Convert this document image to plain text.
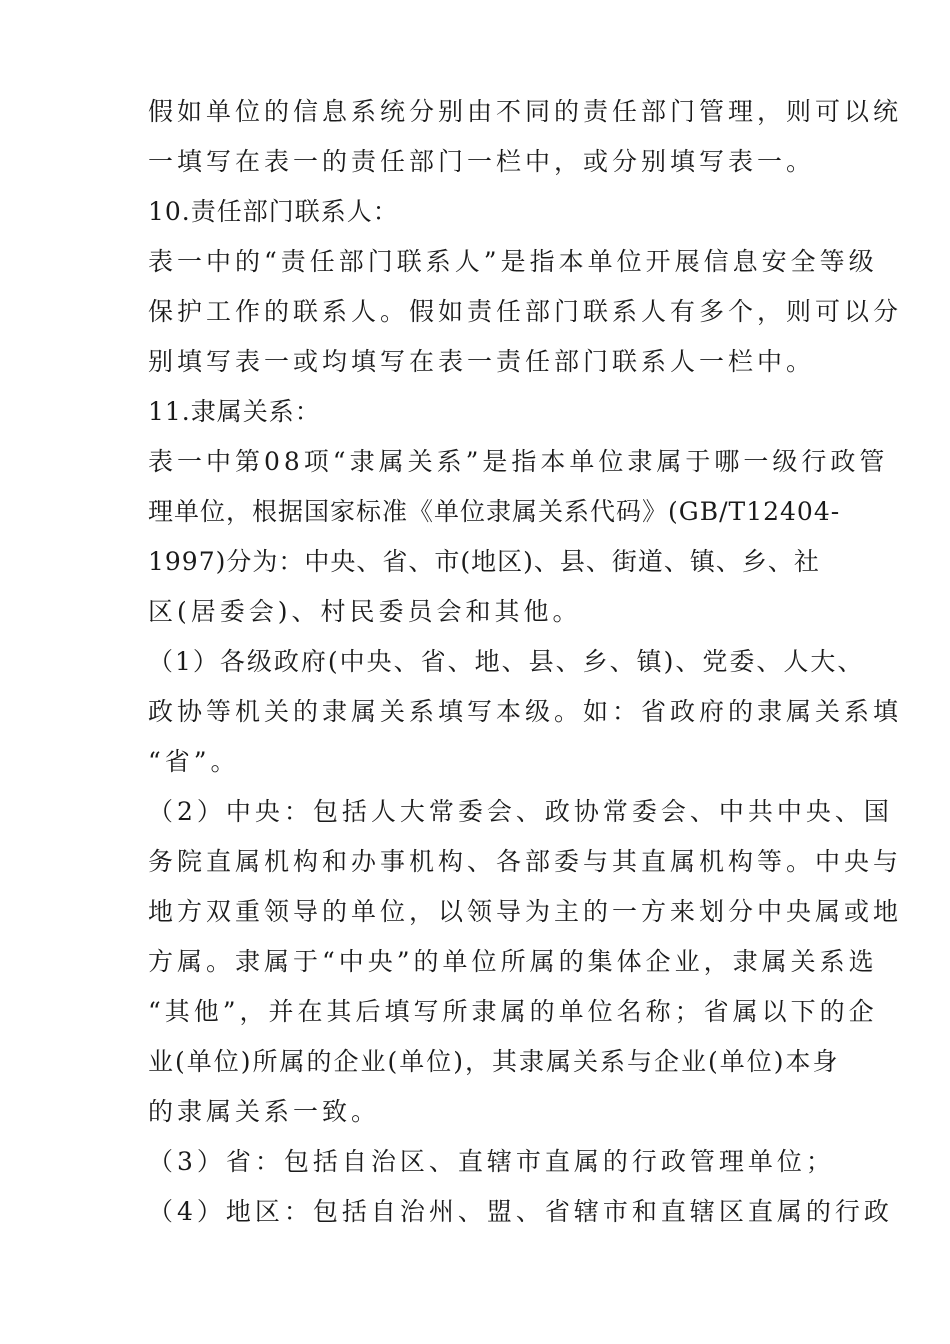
假如单位的信息系统分别由不同的责任部门管理，则可以统
一填写在表一的责任部门一栏中，或分别填写表一。
10.责任部门联系人：
表一中的“责任部门联系人”是指本单位开展信息安全等级
保护工作的联系人。假如责任部门联系人有多个，则可以分
别填写表一或均填写在表一责任部门联系人一栏中。
11.隶属关系：
表一中第08项“隶属关系”是指本单位隶属于哪一级行政管
理单位，根据国家标准《单位隶属关系代码》(GB/T12404-
1997)分为：中央、省、市(地区)、县、街道、镇、乡、社
区(居委会)、村民委员会和其他。
（1）各级政府(中央、省、地、县、乡、镇)、党委、人大、
政协等机关的隶属关系填写本级。如：省政府的隶属关系填
“省”。
（2）中央：包括人大常委会、政协常委会、中共中央、国
务院直属机构和办事机构、各部委与其直属机构等。中央与
地方双重领导的单位，以领导为主的一方来划分中央属或地
方属。隶属于“中央”的单位所属的集体企业，隶属关系选
“其他”，并在其后填写所隶属的单位名称；省属以下的企
业(单位)所属的企业(单位)，其隶属关系与企业(单位)本身
的隶属关系一致。
（3）省：包括自治区、直辖市直属的行政管理单位；
（4）地区：包括自治州、盟、省辖市和直辖区直属的行政
